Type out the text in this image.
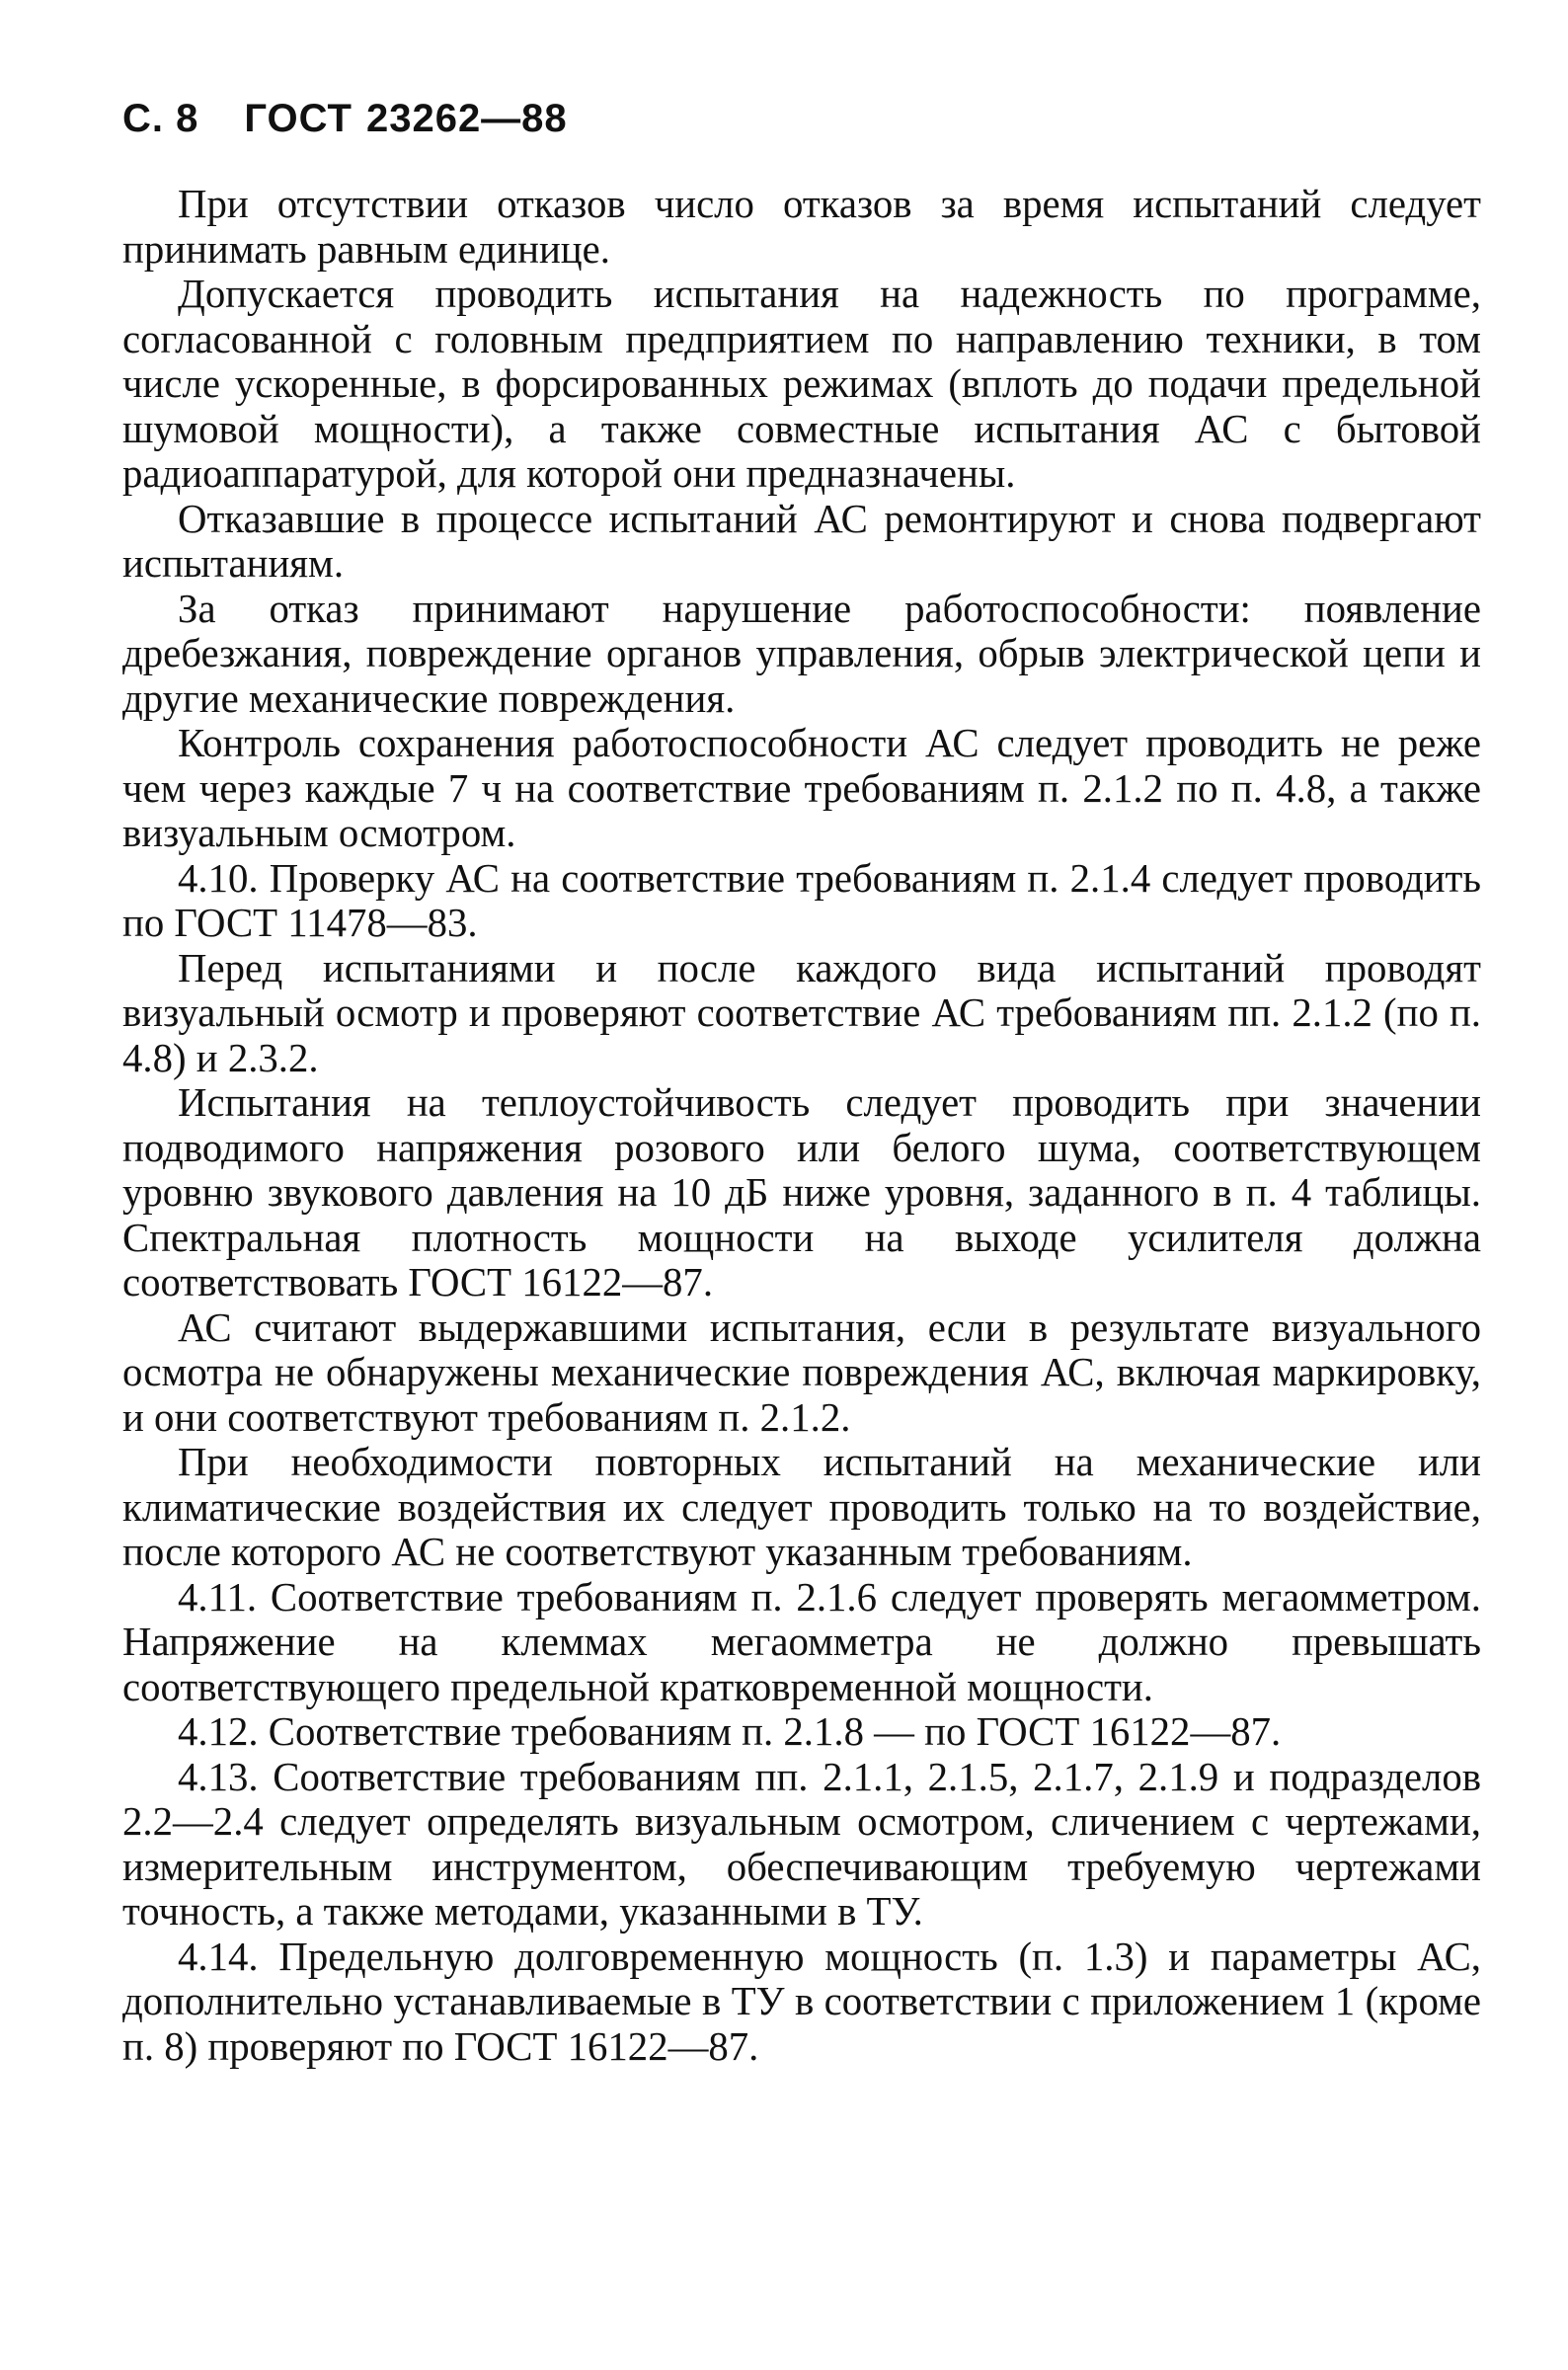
С. 8 ГОСТ 23262—88

При отсутствии отказов число отказов за время испытаний следует принимать равным единице.

Допускается проводить испытания на надежность по программе, согласованной с головным предприятием по направлению техники, в том числе ускоренные, в форсированных режимах (вплоть до подачи предельной шумовой мощности), а также совместные испытания АС с бытовой радиоаппаратурой, для которой они предназначены.

Отказавшие в процессе испытаний АС ремонтируют и снова подвергают испытаниям.

За отказ принимают нарушение работоспособности: появление дребезжания, повреждение органов управления, обрыв электрической цепи и другие механические повреждения.

Контроль сохранения работоспособности АС следует проводить не реже чем через каждые 7 ч на соответствие требованиям п. 2.1.2 по п. 4.8, а также визуальным осмотром.

4.10. Проверку АС на соответствие требованиям п. 2.1.4 следует проводить по ГОСТ 11478—83.

Перед испытаниями и после каждого вида испытаний проводят визуальный осмотр и проверяют соответствие АС требованиям пп. 2.1.2 (по п. 4.8) и 2.3.2.

Испытания на теплоустойчивость следует проводить при значении подводимого напряжения розового или белого шума, соответствующем уровню звукового давления на 10 дБ ниже уровня, заданного в п. 4 таблицы. Спектральная плотность мощности на выходе усилителя должна соответствовать ГОСТ 16122—87.

АС считают выдержавшими испытания, если в результате визуального осмотра не обнаружены механические повреждения АС, включая маркировку, и они соответствуют требованиям п. 2.1.2.

При необходимости повторных испытаний на механические или климатические воздействия их следует проводить только на то воздействие, после которого АС не соответствуют указанным требованиям.

4.11. Соответствие требованиям п. 2.1.6 следует проверять мегаомметром. Напряжение на клеммах мегаомметра не должно превышать соответствующего предельной кратковременной мощности.

4.12. Соответствие требованиям п. 2.1.8 — по ГОСТ 16122—87.

4.13. Соответствие требованиям пп. 2.1.1, 2.1.5, 2.1.7, 2.1.9 и подразделов 2.2—2.4 следует определять визуальным осмотром, сличением с чертежами, измерительным инструментом, обеспечивающим требуемую чертежами точность, а также методами, указанными в ТУ.

4.14. Предельную долговременную мощность (п. 1.3) и параметры АС, дополнительно устанавливаемые в ТУ в соответствии с приложением 1 (кроме п. 8) проверяют по ГОСТ 16122—87.
